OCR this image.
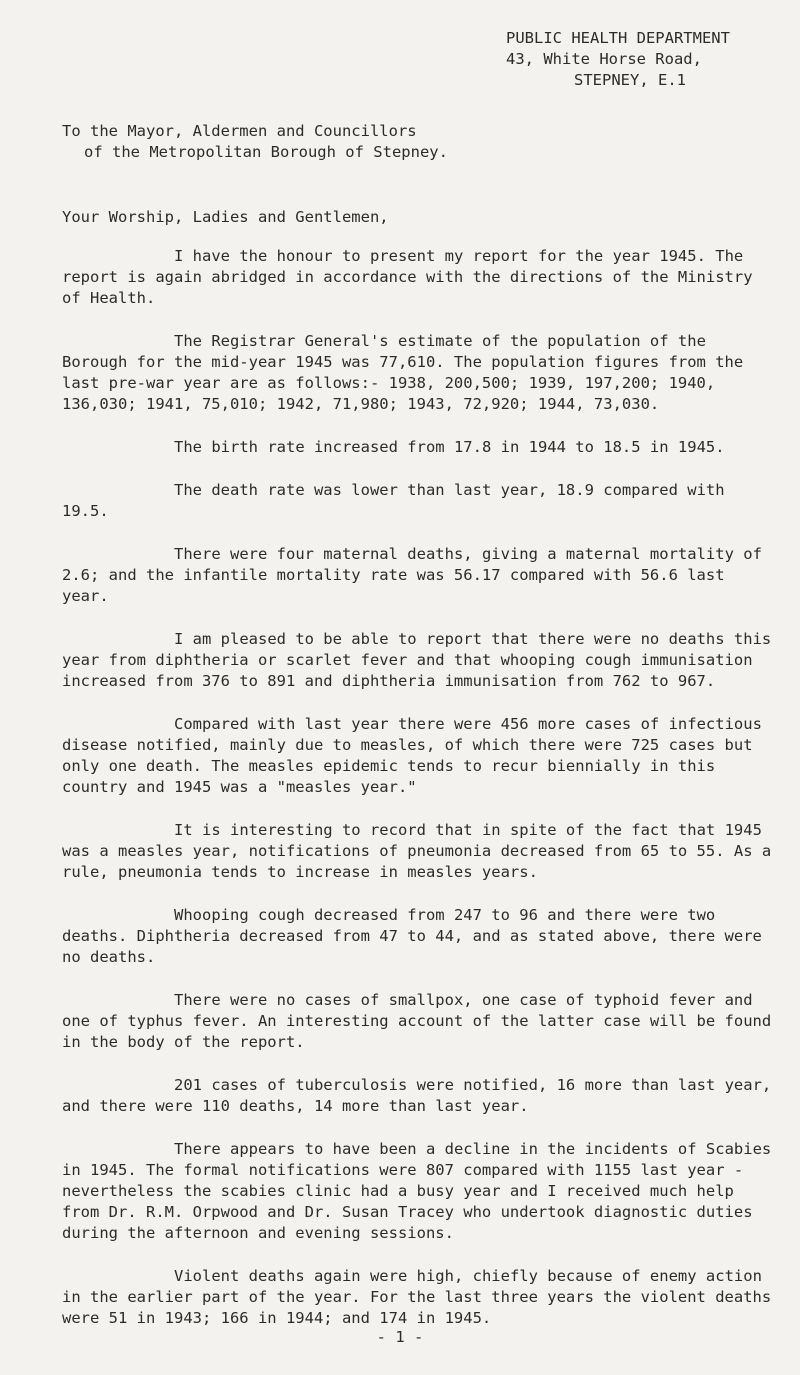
PUBLIC HEALTH DEPARTMENT
43, White Horse Road,
STEPNEY, E.1
To the Mayor, Aldermen and Councillors
of the Metropolitan Borough of Stepney.
Your Worship, Ladies and Gentlemen,

I have the honour to present my report for the year 1945. The report is again abridged in accordance with the directions of the Ministry of Health.

The Registrar General's estimate of the population of the Borough for the mid-year 1945 was 77,610. The population figures from the last pre-war year are as follows:- 1938, 200,500; 1939, 197,200; 1940, 136,030; 1941, 75,010; 1942, 71,980; 1943, 72,920; 1944, 73,030.

The birth rate increased from 17.8 in 1944 to 18.5 in 1945.

The death rate was lower than last year, 18.9 compared with 19.5.

There were four maternal deaths, giving a maternal mortality of 2.6; and the infantile mortality rate was 56.17 compared with 56.6 last year.

I am pleased to be able to report that there were no deaths this year from diphtheria or scarlet fever and that whooping cough immunisation increased from 376 to 891 and diphtheria immunisation from 762 to 967.

Compared with last year there were 456 more cases of infectious disease notified, mainly due to measles, of which there were 725 cases but only one death. The measles epidemic tends to recur biennially in this country and 1945 was a "measles year."

It is interesting to record that in spite of the fact that 1945 was a measles year, notifications of pneumonia decreased from 65 to 55. As a rule, pneumonia tends to increase in measles years.

Whooping cough decreased from 247 to 96 and there were two deaths. Diphtheria decreased from 47 to 44, and as stated above, there were no deaths.

There were no cases of smallpox, one case of typhoid fever and one of typhus fever. An interesting account of the latter case will be found in the body of the report.

201 cases of tuberculosis were notified, 16 more than last year, and there were 110 deaths, 14 more than last year.

There appears to have been a decline in the incidents of Scabies in 1945. The formal notifications were 807 compared with 1155 last year - nevertheless the scabies clinic had a busy year and I received much help from Dr. R.M. Orpwood and Dr. Susan Tracey who undertook diagnostic duties during the afternoon and evening sessions.

Violent deaths again were high, chiefly because of enemy action in the earlier part of the year. For the last three years the violent deaths were 51 in 1943; 166 in 1944; and 174 in 1945.

- 1 -
